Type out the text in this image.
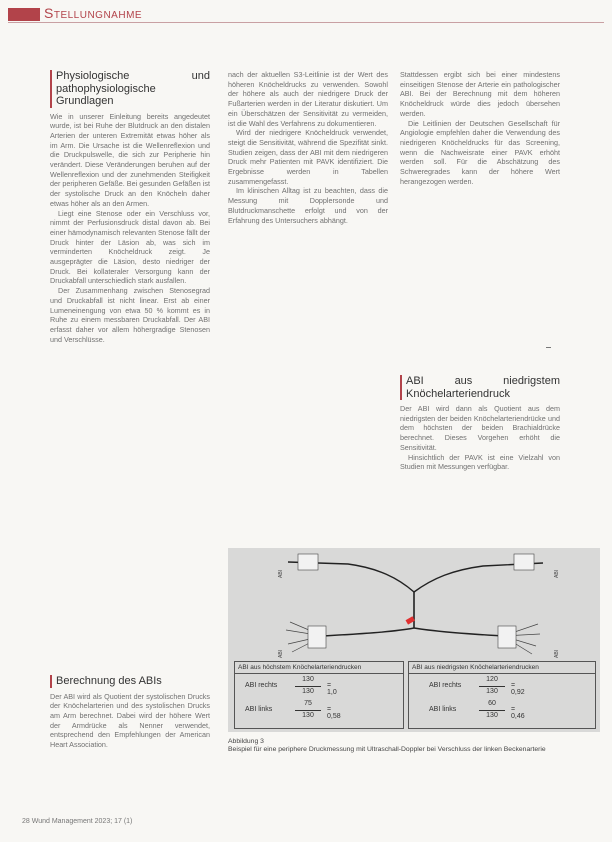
Stellungnahme
Physiologische und pathophysiologische Grundlagen

Wie in unserer Einleitung bereits angedeutet wurde, ist bei Ruhe der Blutdruck an den distalen Arterien der unteren Extremität etwas höher als im Arm. Die Ursache ist die Wellenreflexion und die Druckpulswelle, die sich zur Peripherie hin verändert. Diese Veränderungen beruhen auf der Wellenreflexion und der zunehmenden Steifigkeit der peripheren Gefäße. Bei gesunden Gefäßen ist der systolische Druck an den Knöcheln daher etwas höher als an den Armen.

Liegt eine Stenose oder ein Verschluss vor, nimmt der Perfusionsdruck distal davon ab. Bei einer hämodynamisch relevanten Stenose fällt der Druck hinter der Läsion ab, was sich im verminderten Knöcheldruck zeigt. Je ausgeprägter die Läsion, desto niedriger der Druck. Bei kollateraler Versorgung kann der Druckabfall unterschiedlich stark ausfallen.

Der Zusammenhang zwischen Stenosegrad und Druckabfall ist nicht linear. Erst ab einer Lumeneinengung von etwa 50 % kommt es in Ruhe zu einem messbaren Druckabfall. Der ABI erfasst daher vor allem höhergradige Stenosen und Verschlüsse.

Berechnung des ABIs

Der ABI wird als Quotient der systolischen Drucks der Knöchelarterien und des systolischen Drucks am Arm berechnet. Dabei wird der höhere Wert der Armdrücke als Nenner verwendet, entsprechend den Empfehlungen der American Heart Association.

nach der aktuellen S3-Leitlinie ist der Wert des höheren Knöcheldrucks zu verwenden. Sowohl der höhere als auch der niedrigere Druck der Fußarterien werden in der Literatur diskutiert. Um ein Überschätzen der Sensitivität zu vermeiden, ist die Wahl des Verfahrens zu dokumentieren.

Wird der niedrigere Knöcheldruck verwendet, steigt die Sensitivität, während die Spezifität sinkt. Studien zeigen, dass der ABI mit dem niedrigeren Druck mehr Patienten mit PAVK identifiziert. Die Ergebnisse werden in Tabellen zusammengefasst.

Im klinischen Alltag ist zu beachten, dass die Messung mit Dopplersonde und Blutdruckmanschette erfolgt und von der Erfahrung des Untersuchers abhängt.

Stattdessen ergibt sich bei einer mindestens einseitigen Stenose der Arterie ein pathologischer ABI. Bei der Berechnung mit dem höheren Knöcheldruck würde dies jedoch übersehen werden.

Die Leitlinien der Deutschen Gesellschaft für Angiologie empfehlen daher die Verwendung des niedrigeren Knöcheldrucks für das Screening, wenn die Nachweisrate einer PAVK erhöht werden soll. Für die Abschätzung des Schweregrades kann der höhere Wert herangezogen werden.

ABI aus niedrigstem Knöchelarteriendruck

Der ABI wird dann als Quotient aus dem niedrigsten der beiden Knöchelarteriendrücke und dem höchsten der beiden Brachialdrücke berechnet. Dieses Vorgehen erhöht die Sensitivität.

Hinsichtlich der PAVK ist eine Vielzahl von Studien mit Messungen verfügbar.

ABI
ABI
ABI
ABI
ABI aus höchstem Knöchelarteriendrucken
ABI rechts
130
130
= 1,0
ABI links
75
130
= 0,58
ABI aus niedrigsten Knöchelarteriendrucken
ABI rechts
120
130
= 0,92
ABI links
60
130
= 0,46
Abbildung 3
Beispiel für eine periphere Druckmessung mit Ultraschall-Doppler bei Verschluss der linken Beckenarterie
28 Wund Management 2023; 17 (1)
